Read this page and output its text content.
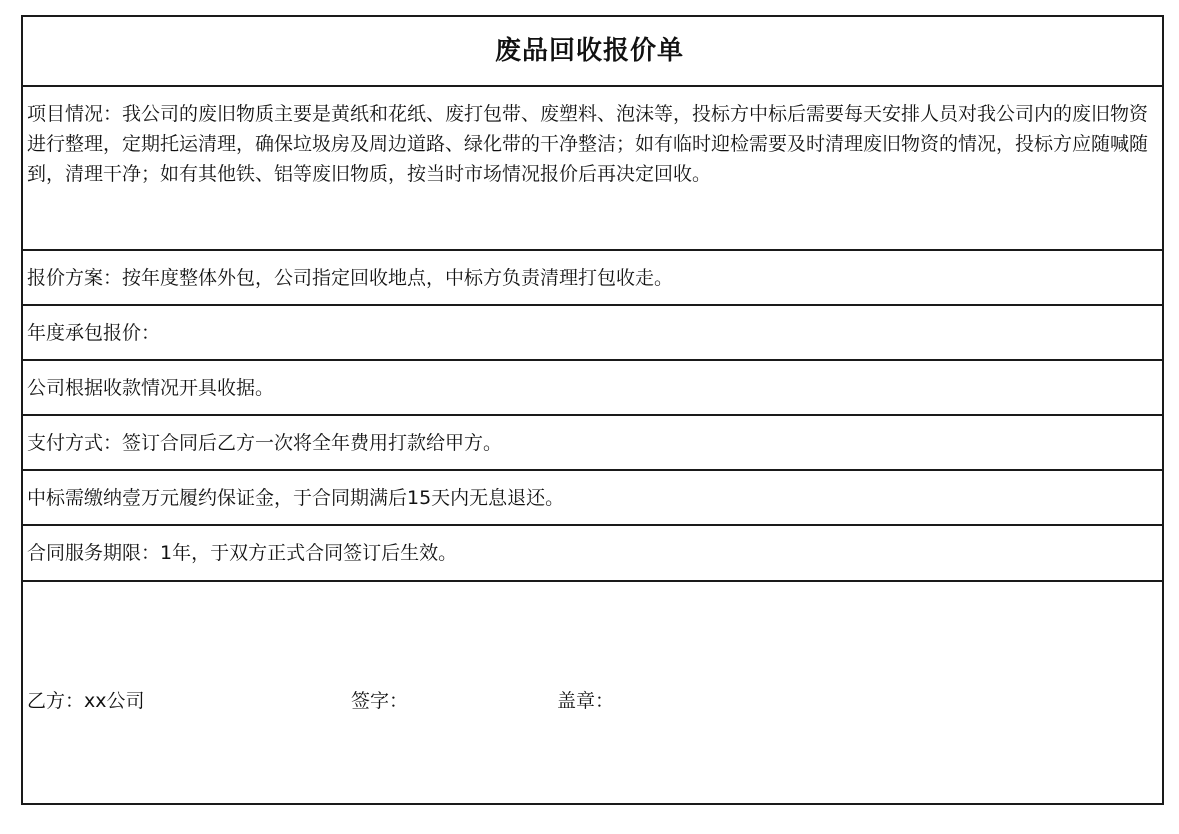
废品回收报价单
项目情况：我公司的废旧物质主要是黄纸和花纸、废打包带、废塑料、泡沫等，投标方中标后需要每天安排人员对我公司内的废旧物资进行整理，定期托运清理，确保垃圾房及周边道路、绿化带的干净整洁；如有临时迎检需要及时清理废旧物资的情况，投标方应随喊随到，清理干净；如有其他铁、铝等废旧物质，按当时市场情况报价后再决定回收。
报价方案：按年度整体外包，公司指定回收地点，中标方负责清理打包收走。
年度承包报价：
公司根据收款情况开具收据。
支付方式：签订合同后乙方一次将全年费用打款给甲方。
中标需缴纳壹万元履约保证金，于合同期满后15天内无息退还。
合同服务期限：1年，于双方正式合同签订后生效。
乙方：xx公司	签字：	盖章：
